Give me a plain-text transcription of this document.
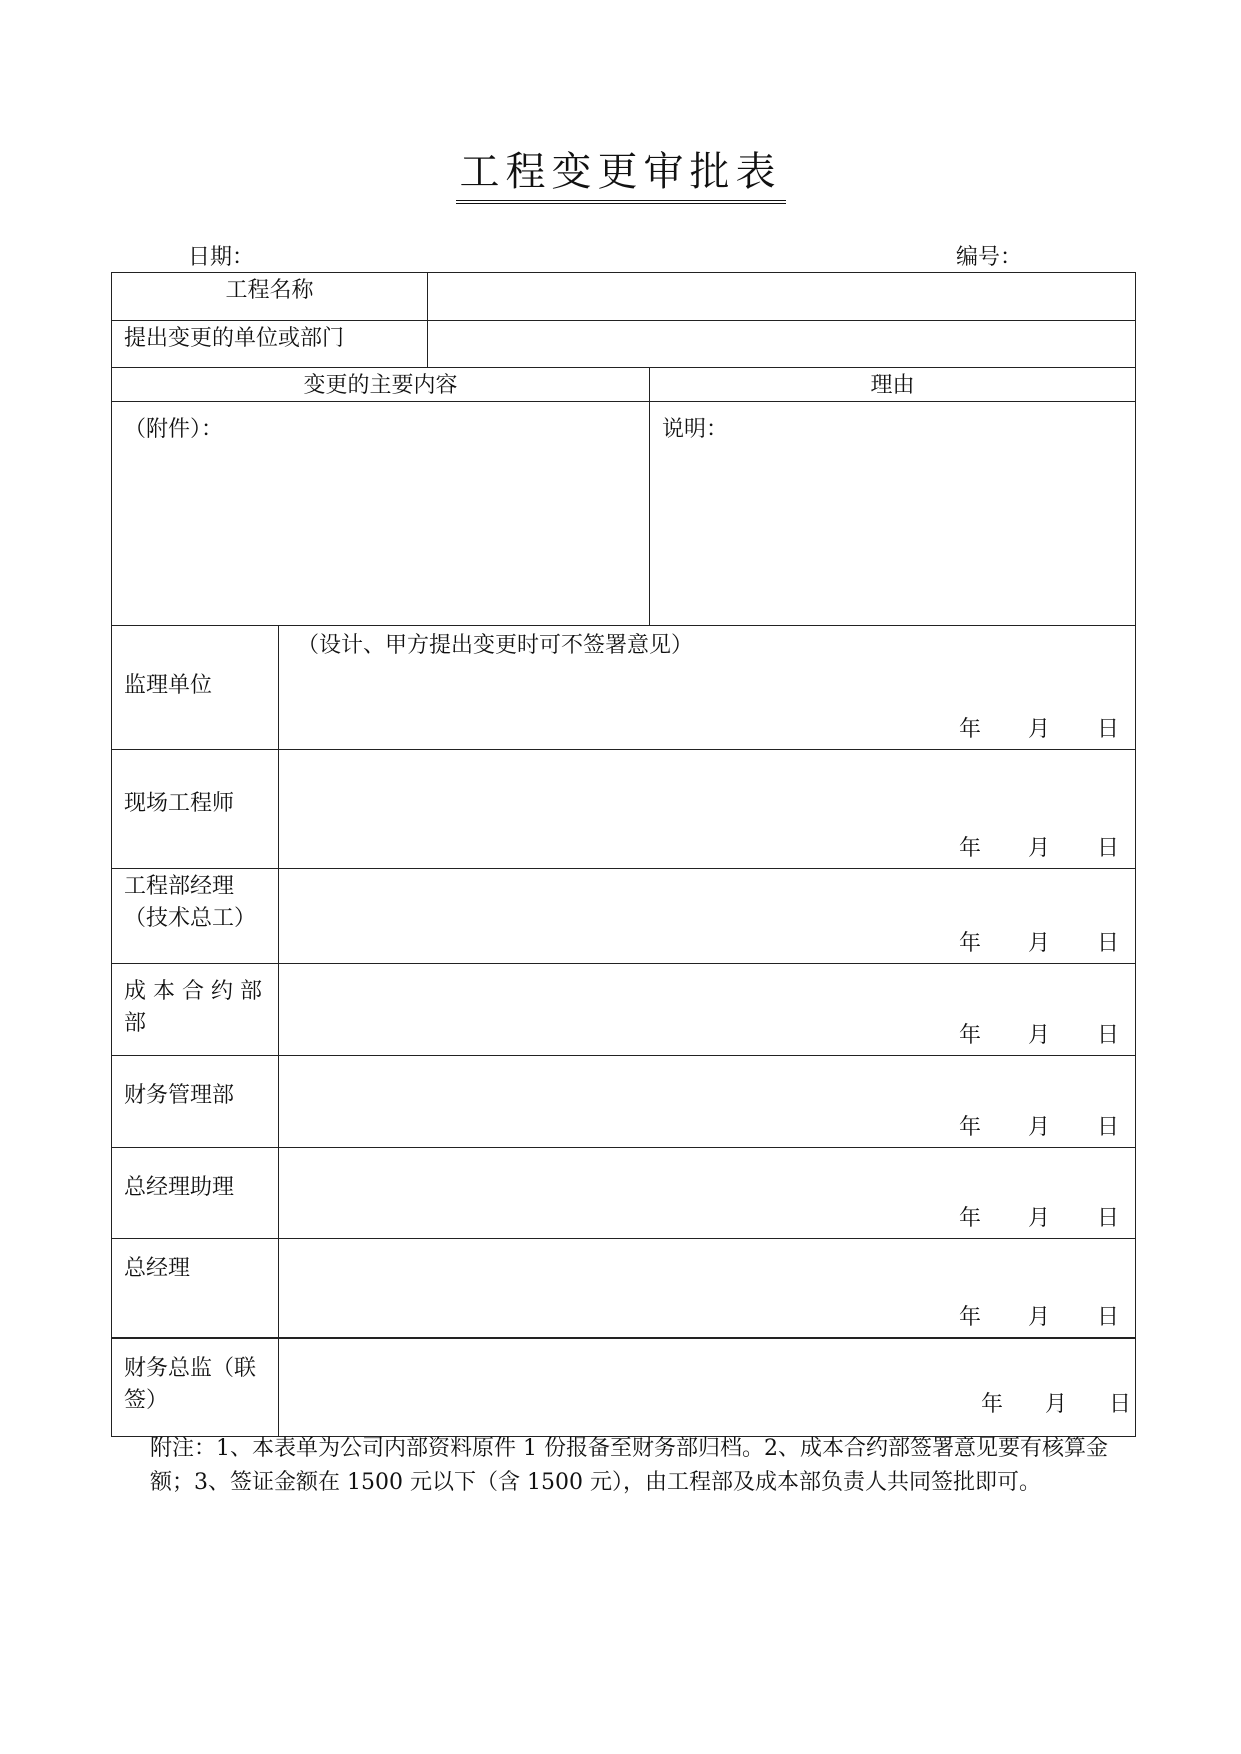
工程变更审批表
日期：	编号：
工程名称			

提出变更的单位或部门			

变更的主要内容			理由

（附件）：			说明：

监理单位	（设计、甲方提出变更时可不签署意见）
年 月 日		

现场工程师	年 月 日		

工程部经理（技术总工）	年 月 日		

成 本 合 约 部部	年 月 日		

财务管理部	年 月 日		

总经理助理	年 月 日		

总经理	年 月 日		

财务总监（联签）	年 月 日		
附注：1、本表单为公司内部资料原件 1 份报备至财务部归档。2、成本合约部签署意见要有核算金额；3、签证金额在 1500 元以下（含 1500 元），由工程部及成本部负责人共同签批即可。
